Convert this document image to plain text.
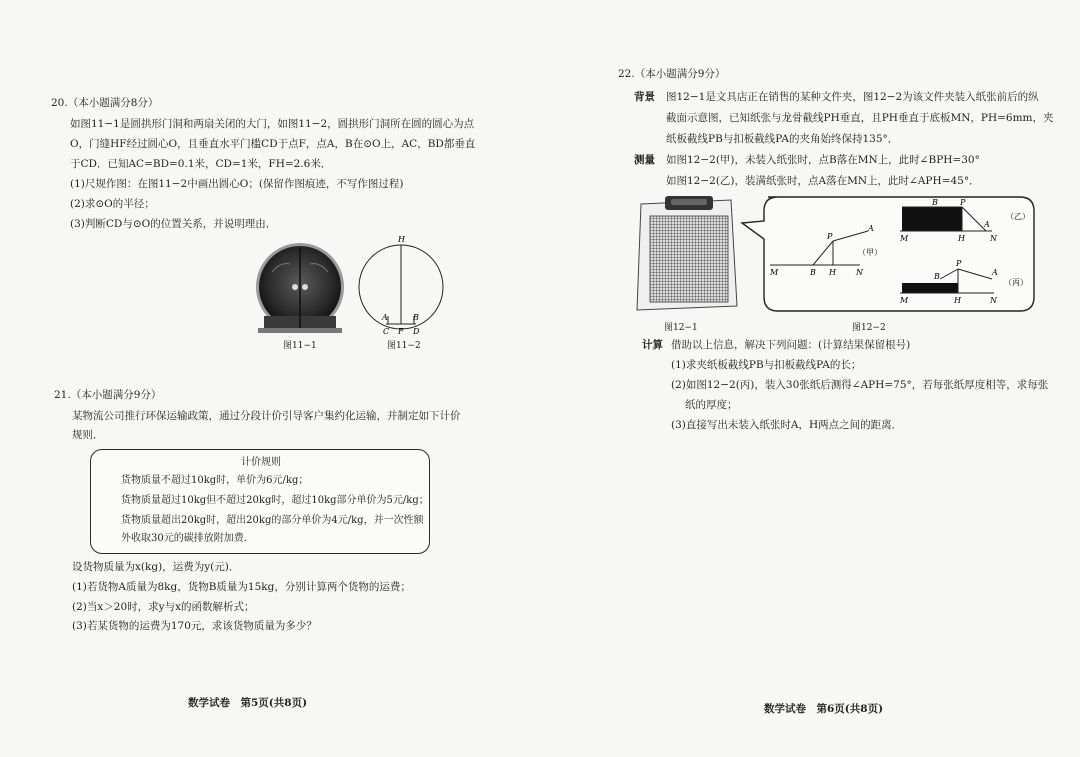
20.（本小题满分8分）

如图11−1是圆拱形门洞和两扇关闭的大门，如图11−2，圆拱形门洞所在圆的圆心为点

O，门缝HF经过圆心O，且垂直水平门槛CD于点F，点A，B在⊙O上，AC，BD都垂直

于CD．已知AC=BD=0.1米，CD=1米，FH=2.6米．

(1)尺规作图：在图11−2中画出圆心O；(保留作图痕迹，不写作图过程)

(2)求⊙O的半径；

(3)判断CD与⊙O的位置关系，并说明理由．

图11−1
H
A	B
C F D
图11−2

21.（本小题满分9分）

某物流公司推行环保运输政策，通过分段计价引导客户集约化运输，并制定如下计价

规则．

计价规则

货物质量不超过10kg时，单价为6元/kg；

货物质量超过10kg但不超过20kg时，超过10kg部分单价为5元/kg；

货物质量超出20kg时，超出20kg的部分单价为4元/kg，并一次性额

外收取30元的碳排放附加费．

设货物质量为x(kg)，运费为y(元)．

(1)若货物A质量为8kg，货物B质量为15kg，分别计算两个货物的运费；

(2)当x＞20时，求y与x的函数解析式；

(3)若某货物的运费为170元，求该货物质量为多少？

数学试卷　第5页(共8页)

22.（本小题满分9分）

背景 图12−1是文具店正在销售的某种文件夹，图12−2为该文件夹装入纸张前后的纵

截面示意图，已知纸张与龙骨截线PH垂直，且PH垂直于底板MN，PH=6mm，夹

纸板截线PB与扣板截线PA的夹角始终保持135°．

测量 如图12−2(甲)，未装入纸张时，点B落在MN上，此时∠BPH=30°

如图12−2(乙)，装满纸张时，点A落在MN上，此时∠APH=45°．

图12−1
M	B H	N
P
A
（甲）
B	P
M	H
A
N
（乙）
B
P
A
M	H	N
（丙）
图12−2
计算 借助以上信息，解决下列问题：(计算结果保留根号)

(1)求夹纸板截线PB与扣板截线PA的长；

(2)如图12−2(丙)，装入30张纸后测得∠APH=75°，若每张纸厚度相等，求每张

纸的厚度；

(3)直接写出未装入纸张时A，H两点之间的距离．

数学试卷　第6页(共8页)
